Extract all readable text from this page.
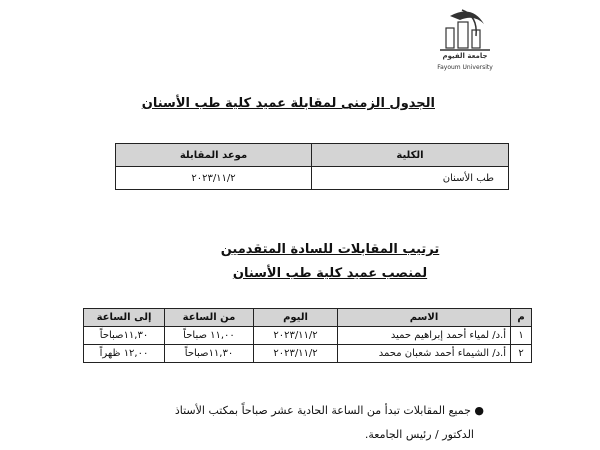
جامعة الفيوم
Fayoum University
الجدول الزمنى لمقابلة عميد كلية طب الأسنان
الكلية	موعد المقابلة
طب الأسنان	٢٠٢٣/١١/٢
ترتيب المقابلات للسادة المتقدمين
لمنصب عميد كلية طب الأسنان
م	الاسم	اليوم	من الساعة	إلى الساعة
١	أ.د/ لمياء أحمد إبراهيم حميد	٢٠٢٣/١١/٢	١١,٠٠ صباحاً	١١,٣٠صباحاً
٢	أ.د/ الشيماء أحمد شعبان محمد	٢٠٢٣/١١/٢	١١,٣٠صباحاً	١٢,٠٠ ظهراً
● جميع المقابلات تبدأ من الساعة الحادية عشر صباحاً بمكتب الأستاذ
الدكتور / رئيس الجامعة.
